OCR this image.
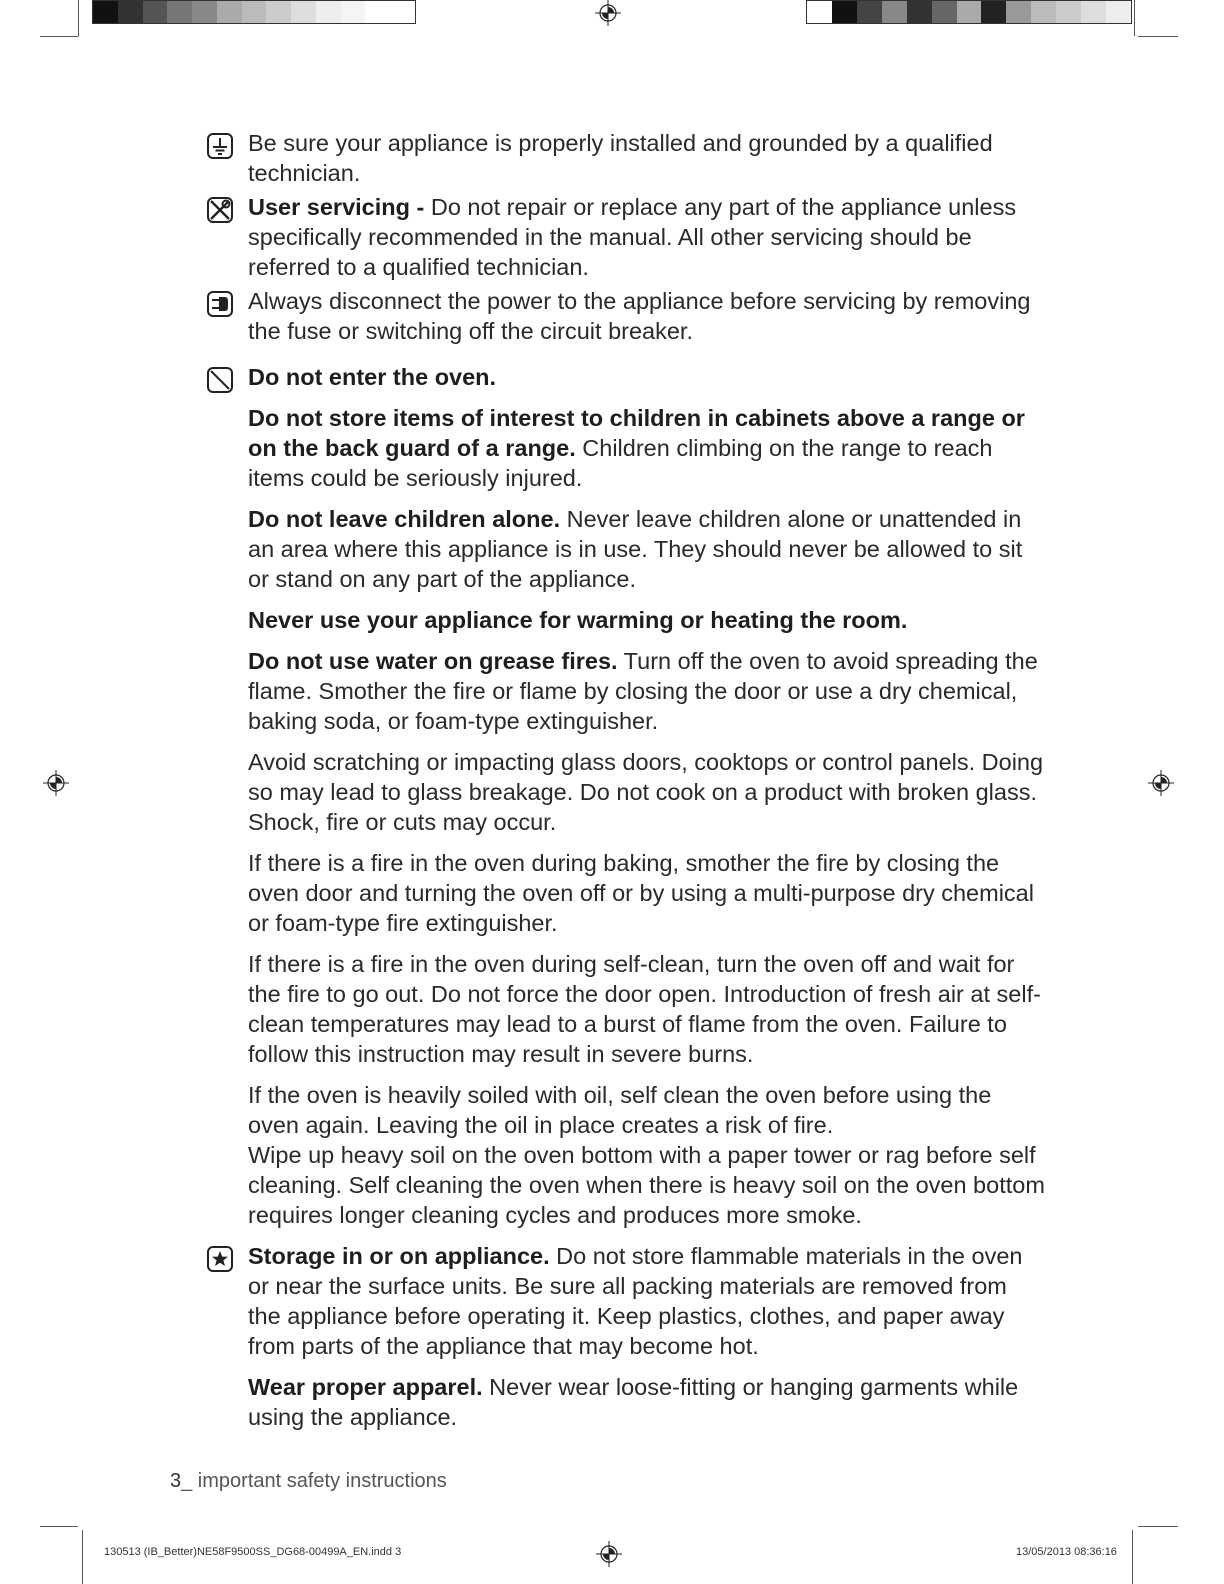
Be sure your appliance is properly installed and grounded by a qualified technician.
User servicing - Do not repair or replace any part of the appliance unless specifically recommended in the manual. All other servicing should be referred to a qualified technician.
Always disconnect the power to the appliance before servicing by removing the fuse or switching off the circuit breaker.
Do not enter the oven.
Do not store items of interest to children in cabinets above a range or on the back guard of a range. Children climbing on the range to reach items could be seriously injured.
Do not leave children alone. Never leave children alone or unattended in an area where this appliance is in use. They should never be allowed to sit or stand on any part of the appliance.
Never use your appliance for warming or heating the room.
Do not use water on grease fires. Turn off the oven to avoid spreading the flame. Smother the fire or flame by closing the door or use a dry chemical, baking soda, or foam-type extinguisher.
Avoid scratching or impacting glass doors, cooktops or control panels. Doing so may lead to glass breakage. Do not cook on a product with broken glass. Shock, fire or cuts may occur.
If there is a fire in the oven during baking, smother the fire by closing the oven door and turning the oven off or by using a multi-purpose dry chemical or foam-type fire extinguisher.
If there is a fire in the oven during self-clean, turn the oven off and wait for the fire to go out. Do not force the door open. Introduction of fresh air at self-clean temperatures may lead to a burst of flame from the oven. Failure to follow this instruction may result in severe burns.
If the oven is heavily soiled with oil, self clean the oven before using the oven again. Leaving the oil in place creates a risk of fire.
Wipe up heavy soil on the oven bottom with a paper tower or rag before self cleaning. Self cleaning the oven when there is heavy soil on the oven bottom requires longer cleaning cycles and produces more smoke.
Storage in or on appliance. Do not store flammable materials in the oven or near the surface units. Be sure all packing materials are removed from the appliance before operating it. Keep plastics, clothes, and paper away from parts of the appliance that may become hot.
Wear proper apparel. Never wear loose-fitting or hanging garments while using the appliance.
3_ important safety instructions
130513 (IB_Better)NE58F9500SS_DG68-00499A_EN.indd 3	13/05/2013 08:36:16
